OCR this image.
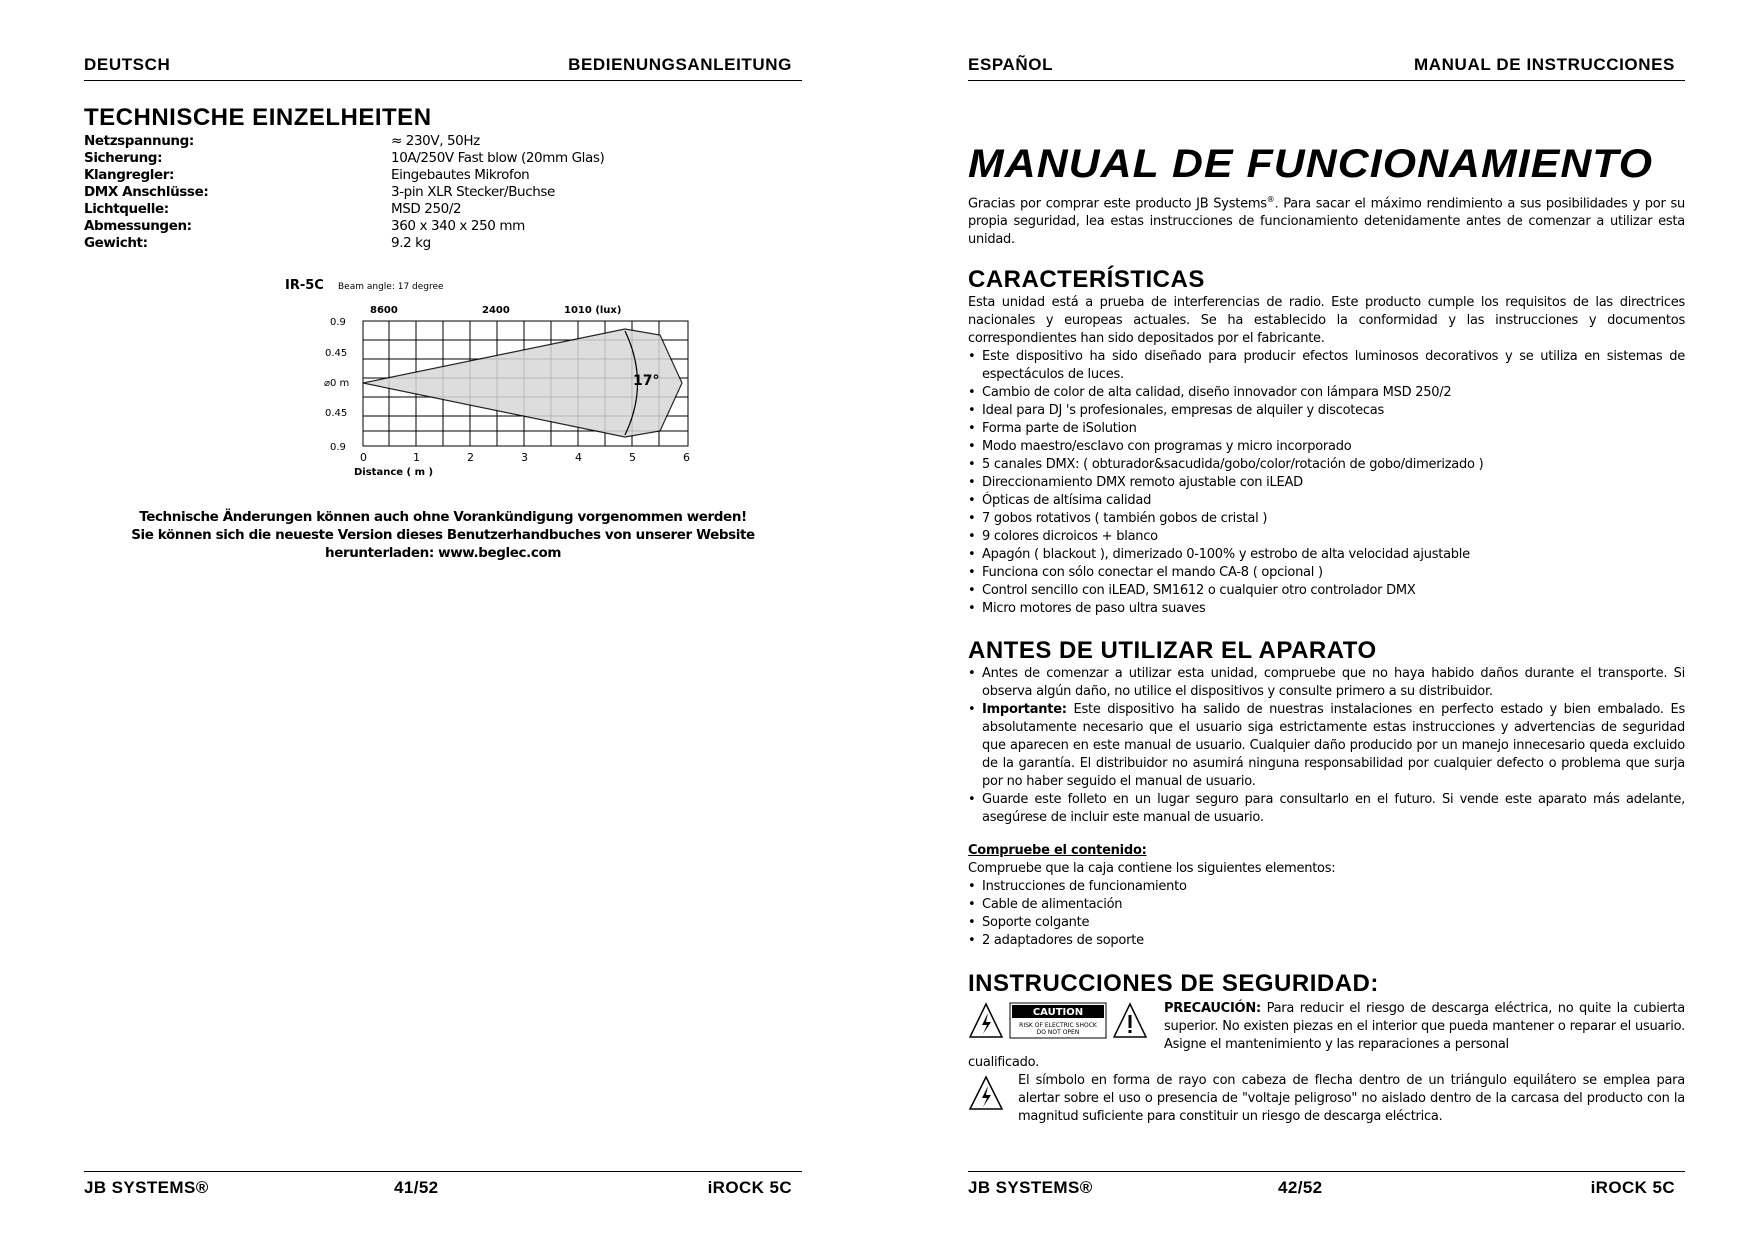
DEUTSCH	BEDIENUNGSANLEITUNG
TECHNISCHE EINZELHEITEN
Netzspannung:	≈ 230V, 50Hz
Sicherung:	10A/250V Fast blow (20mm Glas)
Klangregler:	Eingebautes Mikrofon
DMX Anschlüsse:	3-pin XLR Stecker/Buchse
Lichtquelle:	MSD 250/2
Abmessungen:	360 x 340 x 250 mm
Gewicht:	9.2 kg
IR-5C Beam angle: 17 degree
8600	2400	1010 (lux)
17°
0.9
0.45
⌀0 m
0.45
0.9
0	1	2	3	4	5	6
Distance ( m )
Technische Änderungen können auch ohne Vorankündigung vorgenommen werden!
Sie können sich die neueste Version dieses Benutzerhandbuches von unserer Website
herunterladen: www.beglec.com
JB SYSTEMS®	41/52	iROCK 5C
ESPAÑOL	MANUAL DE INSTRUCCIONES
MANUAL DE FUNCIONAMIENTO
Gracias por comprar este producto JB Systems®. Para sacar el máximo rendimiento a sus posibilidades y por su propia seguridad, lea estas instrucciones de funcionamiento detenidamente antes de comenzar a utilizar esta unidad.
CARACTERÍSTICAS
Esta unidad está a prueba de interferencias de radio. Este producto cumple los requisitos de las directrices nacionales y europeas actuales. Se ha establecido la conformidad y las instrucciones y documentos correspondientes han sido depositados por el fabricante.
• Este dispositivo ha sido diseñado para producir efectos luminosos decorativos y se utiliza en sistemas de espectáculos de luces.
• Cambio de color de alta calidad, diseño innovador con lámpara MSD 250/2
• Ideal para DJ 's profesionales, empresas de alquiler y discotecas
• Forma parte de iSolution
• Modo maestro/esclavo con programas y micro incorporado
• 5 canales DMX: ( obturador&sacudida/gobo/color/rotación de gobo/dimerizado )
• Direccionamiento DMX remoto ajustable con iLEAD
• Ópticas de altísima calidad
• 7 gobos rotativos ( también gobos de cristal )
• 9 colores dicroicos + blanco
• Apagón ( blackout ), dimerizado 0-100% y estrobo de alta velocidad ajustable
• Funciona con sólo conectar el mando CA-8 ( opcional )
• Control sencillo con iLEAD, SM1612 o cualquier otro controlador DMX
• Micro motores de paso ultra suaves
ANTES DE UTILIZAR EL APARATO
• Antes de comenzar a utilizar esta unidad, compruebe que no haya habido daños durante el transporte. Si observa algún daño, no utilice el dispositivos y consulte primero a su distribuidor.
• Importante: Este dispositivo ha salido de nuestras instalaciones en perfecto estado y bien embalado. Es absolutamente necesario que el usuario siga estrictamente estas instrucciones y advertencias de seguridad que aparecen en este manual de usuario. Cualquier daño producido por un manejo innecesario queda excluido de la garantía. El distribuidor no asumirá ninguna responsabilidad por cualquier defecto o problema que surja por no haber seguido el manual de usuario.
• Guarde este folleto en un lugar seguro para consultarlo en el futuro. Si vende este aparato más adelante, asegúrese de incluir este manual de usuario.
Compruebe el contenido:
Compruebe que la caja contiene los siguientes elementos:
• Instrucciones de funcionamiento
• Cable de alimentación
• Soporte colgante
• 2 adaptadores de soporte
INSTRUCCIONES DE SEGURIDAD:
CAUTION
RISK OF ELECTRIC SHOCK
DO NOT OPEN
PRECAUCIÓN: Para reducir el riesgo de descarga eléctrica, no quite la cubierta superior. No existen piezas en el interior que pueda mantener o reparar el usuario. Asigne el mantenimiento y las reparaciones a personal
cualificado.
El símbolo en forma de rayo con cabeza de flecha dentro de un triángulo equilátero se emplea para alertar sobre el uso o presencia de "voltaje peligroso" no aislado dentro de la carcasa del producto con la magnitud suficiente para constituir un riesgo de descarga eléctrica.
JB SYSTEMS®	42/52	iROCK 5C
